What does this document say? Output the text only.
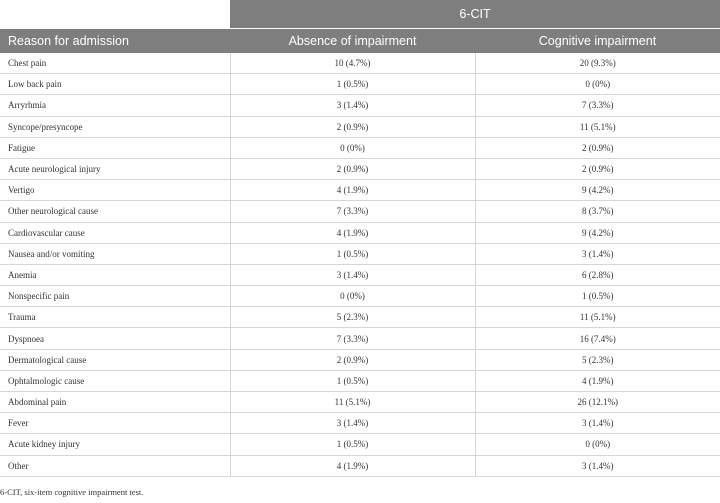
	6-CIT	
Reason for admission	Absence of impairment	Cognitive impairment
Chest pain	10 (4.7%)	20 (9.3%)
Low back pain	1 (0.5%)	0 (0%)
Arryrhmia	3 (1.4%)	7 (3.3%)
Syncope/presyncope	2 (0.9%)	11 (5.1%)
Fatigue	0 (0%)	2 (0.9%)
Acute neurological injury	2 (0.9%)	2 (0.9%)
Vertigo	4 (1.9%)	9 (4.2%)
Other neurological cause	7 (3.3%)	8 (3.7%)
Cardiovascular cause	4 (1.9%)	9 (4.2%)
Nausea and/or vomiting	1 (0.5%)	3 (1.4%)
Anemia	3 (1.4%)	6 (2.8%)
Nonspecific pain	0 (0%)	1 (0.5%)
Trauma	5 (2.3%)	11 (5.1%)
Dyspnoea	7 (3.3%)	16 (7.4%)
Dermatological cause	2 (0.9%)	5 (2.3%)
Ophtalmologic cause	1 (0.5%)	4 (1.9%)
Abdominal pain	11 (5.1%)	26 (12.1%)
Fever	3 (1.4%)	3 (1.4%)
Acute kidney injury	1 (0.5%)	0 (0%)
Other	4 (1.9%)	3 (1.4%)
6-CIT, six-item cognitive impairment test.
